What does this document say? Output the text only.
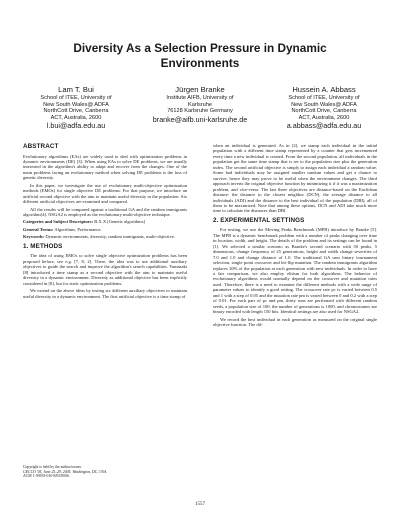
Diversity As a Selection Pressure in Dynamic Environments
Lam T. Bui
School of ITEE, University of
New South Wales@ ADFA
NorthCott Drive, Canberra
ACT, Australia, 2600
l.bui@adfa.edu.au
Jürgen Branke
Institute AIFB, University of
Karlsruhe
76128 Karlsruhe Germany
branke@aifb.uni-karlsruhe.de
Hussein A. Abbass
School of ITEE, University of
New South Wales@ ADFA
NorthCott Drive, Canberra
ACT, Australia, 2600
a.abbass@adfa.edu.au
ABSTRACT

Evolutionary algorithms (EAs) are widely used to deal with optimization problems in dynamic environments (DE) [3]. When using EAs to solve DE problems, we are usually interested in the algorithm's ability to adapt and recover from the changes. One of the main problems facing an evolutionary method when solving DE problems is the loss of genetic diversity.

In this paper, we investigate the use of evolutionary multi-objective optimization methods (EMOs) for single objective DE problems. For that purpose, we introduce an artificial second objective with the aim to maintain useful diversity in the population. Six different artificial objectives are examined and compared.

All the results will be compared against a traditional GA and the random immigrants algorithm[4]. NSGA2 is employed as the evolutionary multi-objective technique.

Categories and Subject Descriptors: B.X.X [Genetic algorithms]

General Terms: Algorithms, Performance.

Keywords: Dynamic environments, diversity, random immigrants, multi-objective.

1. METHODS

The idea of using EMOs to solve single objective optimization problems has been proposed before, see e.g. [7, 8, 2]. There, the idea was to use additional auxiliary objectives to guide the search and improve the algorithm's search capabilities. Yamasaki [8] introduced a time stamp as a second objective with the aim to maintain useful diversity in a dynamic environment. Diversity as additional objective has been explicitly considered in [8], but for static optimization problems.

We extend on the above ideas by testing six different auxiliary objectives to maintain useful diversity in a dynamic environment. The first artificial objective is a time stamp of

Copyright is held by the author/owner.
GECCO '05, June 25–29, 2005, Washington, DC, USA.
ACM 1-59593-010-8/05/0006.

when an individual is generated. As in [2], we stamp each individual in the initial population with a different time stamp represented by a counter that gets incremented every time a new individual is created. From the second population, all individuals in the population get the same time stamp that is set to the population size plus the generation index. The second artificial objective is simply to assign each individual a random value. Some bad individuals may be assigned smaller random values and get a chance to survive; hence they may prove to be useful when the environment changes. The third approach inverts the original objective function by minimizing it if it was a maximization problem, and vice-versa. The last three objectives are distance-based on the Euclidean distance: the distance to the closest neighbor (DCN), the average distance to all individuals (ADI) and the distance to the best individual of the population (DBI), all of them to be maximized. Note that among these options, DCN and ADI take much more time to calculate the distances than DBI.

2. EXPERIMENTAL SETTINGS

For testing, we use the Moving Peaks Benchmark (MPB) introduce by Branke [5]. The MPB is a dynamic benchmark problem with a number of peaks changing over time in location, width, and height. The details of the problem and its settings can be found in [1]. We selected a similar scenario as Branke's second scenario with 50 peaks, 5 dimensions, change frequency of 25 generations, height and width change severities of 7.0 and 1.0 and change distance of 1.0. The traditional GA uses binary tournament selection, single point crossover and bit-flip mutation. The random immigrants algorithm replaces 20% of the population at each generation with new individuals. In order to have a fair comparison, we also employ elitism for both algorithms. The behavior of evolutionary algorithms would normally depend on the crossover and mutation rates used. Therefore, there is a need to examine the different methods with a wide range of parameter values to identify a good setting. The crossover rate pc is varied between 0.5 and 1 with a step of 0.05 and the mutation rate pm is varied between 0 and 0.2 with a step of 0.01. For each pair of pc and pm, thirty runs are performed with different random seeds, a population size of 100, the number of generations is 1000, and chromosomes are binary encoded with length 150 bits. Identical settings are also used for NSGA2.

We record the best individual in each generation as measured on the original single objective function. The dif-

1557
